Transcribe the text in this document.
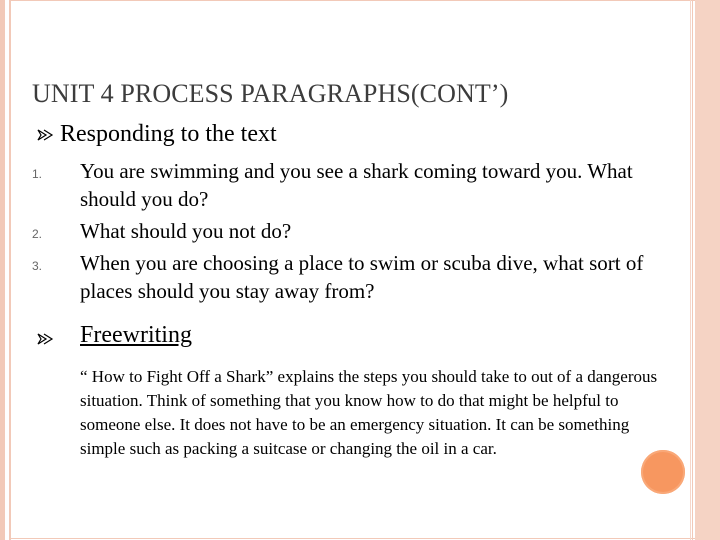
UNIT 4 PROCESS PARAGRAPHS(CONT’)
Responding to the text
1. You are swimming and you see a shark coming toward you. What should you do?
2. What should you not do?
3. When you are choosing a place to swim or scuba dive, what sort of places should you stay away from?
Freewriting
“ How to Fight Off a Shark” explains the steps you should take to out of a dangerous situation. Think of something that you know how to do that might be helpful to someone else. It does not have to be an emergency situation. It can be something simple such as packing a suitcase or changing the oil in a car.
